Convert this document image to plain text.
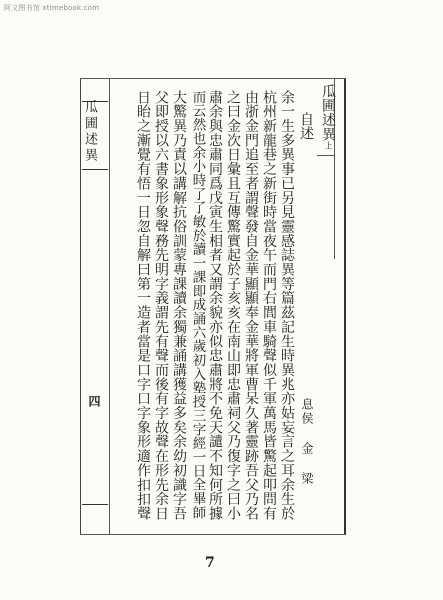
阿文图书馆 xtimebook.com
瓜圃述異
四
瓜圃述異上
自述
息侯 金 梁
余一生多異事已另見靈感誌異等篇茲記生時異兆亦姑妄言之耳余生於
杭州新龍巷之新街時當夜午而門右閭車騎聲似千軍萬馬皆驚起叩問有
由浙金門追至者謂聲發自金華顯顯奉金華將軍曹呆久著靈跡吾父乃名
之曰金次日彙且互傳驚實起於子亥亥在南山即忠肅祠父乃復字之曰小
肅余與忠肅同爲戊寅生相者又謂余貌亦似忠肅將不免天譴不知何所據
而云然也余小時了了敏於讀一課即成誦六歲初入塾授三字經一日全畢師
大驚異乃責以講解抗俗訓蒙專課讀余獨兼誦講獲益多矣余幼初識字吾
父即授以六書象形象聲務先明字義謂先有聲而後有字故聲在形先余日
日眙之漸覺有悟一日忽自解曰第一造者當是口字口字象形適作扣扣聲
7
